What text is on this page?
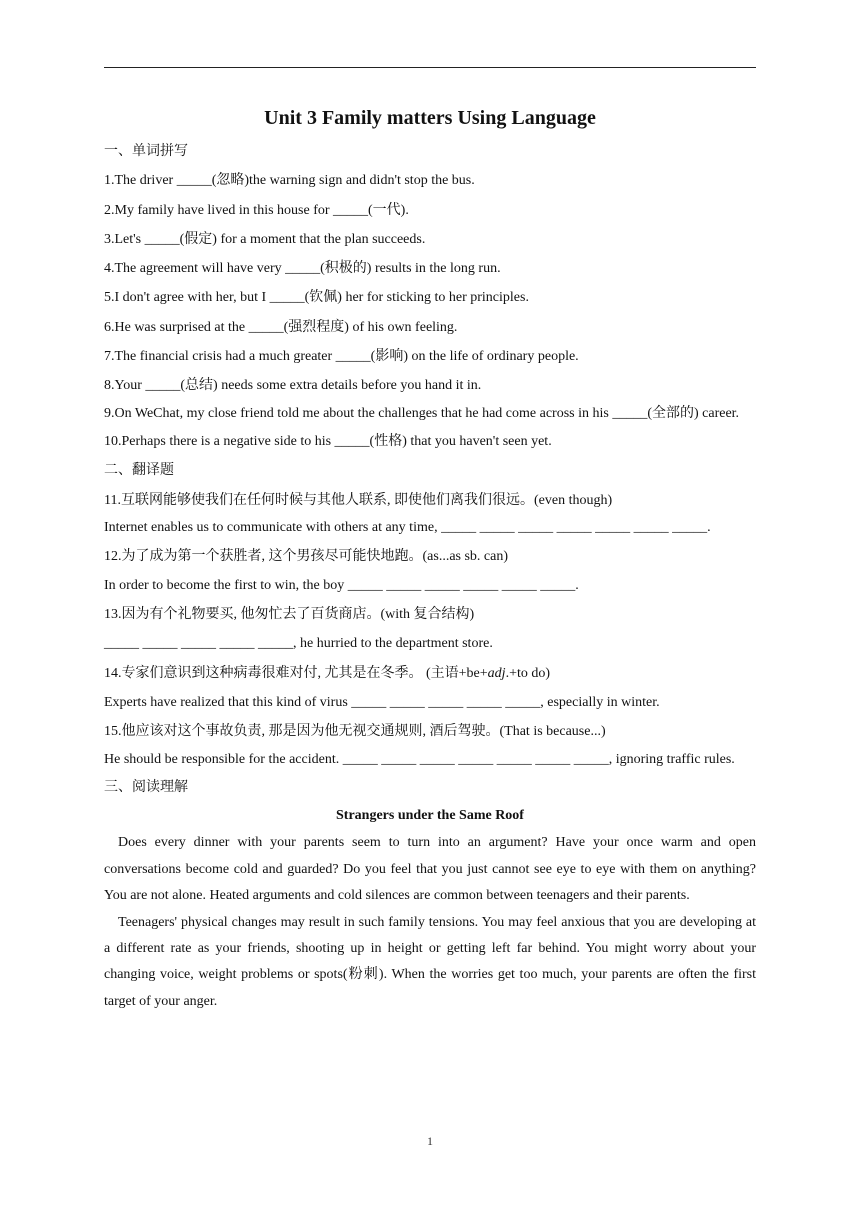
Unit 3 Family matters Using Language

一、单词拼写

1.The driver _____(忽略)the warning sign and didn't stop the bus.

2.My family have lived in this house for _____(一代).

3.Let's _____(假定) for a moment that the plan succeeds.

4.The agreement will have very _____(积极的) results in the long run.

5.I don't agree with her, but I _____(钦佩) her for sticking to her principles.

6.He was surprised at the _____(强烈程度) of his own feeling.

7.The financial crisis had a much greater _____(影响) on the life of ordinary people.

8.Your _____(总结) needs some extra details before you hand it in.

9.On WeChat, my close friend told me about the challenges that he had come across in his _____(全部的) career.

10.Perhaps there is a negative side to his _____(性格) that you haven't seen yet.

二、翻译题

11.互联网能够使我们在任何时候与其他人联系, 即使他们离我们很远。(even though)

Internet enables us to communicate with others at any time, _____ _____ _____ _____ _____ _____ _____.

12.为了成为第一个获胜者, 这个男孩尽可能快地跑。(as...as sb. can)

In order to become the first to win, the boy _____ _____ _____ _____ _____ _____.

13.因为有个礼物要买, 他匆忙去了百货商店。(with 复合结构)

_____ _____ _____ _____ _____, he hurried to the department store.

14.专家们意识到这种病毒很难对付, 尤其是在冬季。 (主语+be+adj.+to do)

Experts have realized that this kind of virus _____ _____ _____ _____ _____, especially in winter.

15.他应该对这个事故负责, 那是因为他无视交通规则, 酒后驾驶。(That is because...)

He should be responsible for the accident. _____ _____ _____ _____ _____ _____ _____, ignoring traffic rules.

三、阅读理解

Strangers under the Same Roof

Does every dinner with your parents seem to turn into an argument? Have your once warm and open conversations become cold and guarded? Do you feel that you just cannot see eye to eye with them on anything? You are not alone. Heated arguments and cold silences are common between teenagers and their parents.

Teenagers' physical changes may result in such family tensions. You may feel anxious that you are developing at a different rate as your friends, shooting up in height or getting left far behind. You might worry about your changing voice, weight problems or spots(粉刺). When the worries get too much, your parents are often the first target of your anger.

1
